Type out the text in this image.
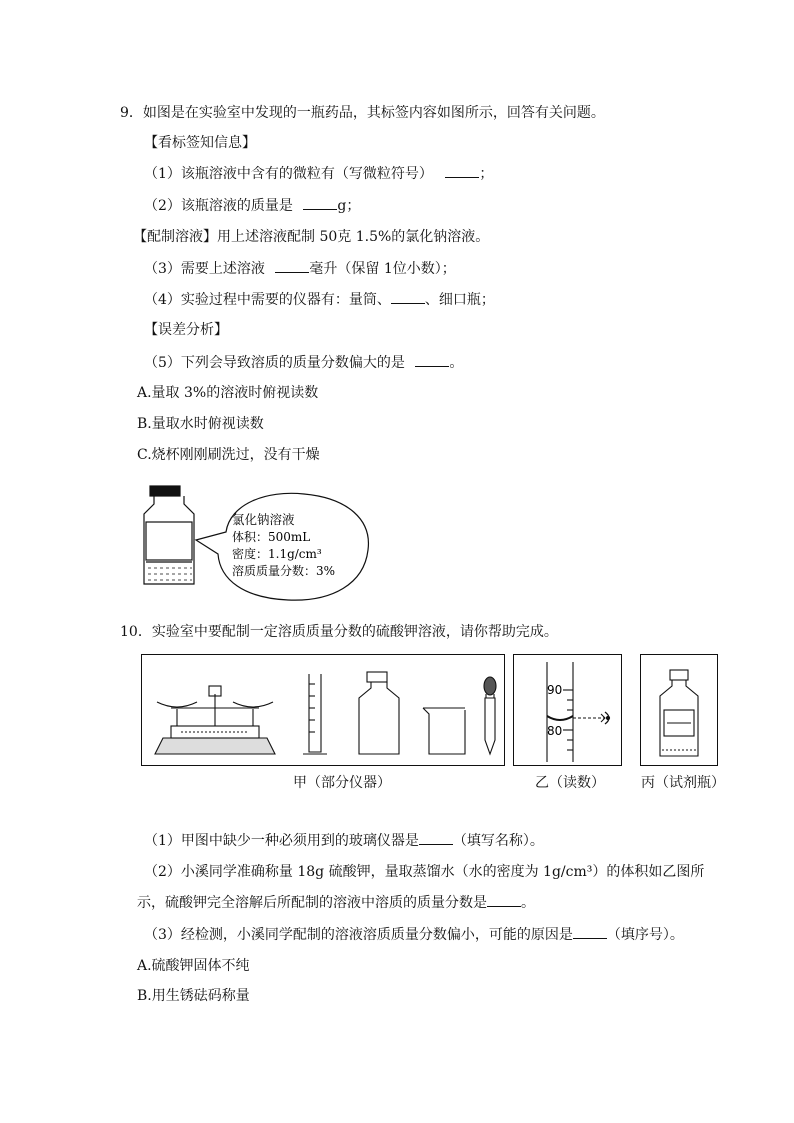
9．如图是在实验室中发现的一瓶药品，其标签内容如图所示，回答有关问题。
【看标签知信息】
（1）该瓶溶液中含有的微粒有（写微粒符号）	；
（2）该瓶溶液的质量是	g；
【配制溶液】用上述溶液配制 50克 1.5%的氯化钠溶液。
（3）需要上述溶液	毫升（保留 1位小数）；
（4）实验过程中需要的仪器有：量筒、 、细口瓶；
【误差分析】
（5）下列会导致溶质的质量分数偏大的是	。
A.量取 3%的溶液时俯视读数
B.量取水时俯视读数
C.烧杯刚刚刷洗过，没有干燥
氯化钠溶液
体积：500mL
密度：1.1g/cm³
溶质质量分数：3%
10．实验室中要配制一定溶质质量分数的硫酸钾溶液，请你帮助完成。
90
80
甲（部分仪器）	乙（读数）	丙（试剂瓶）
（1）甲图中缺少一种必须用到的玻璃仪器是 （填写名称）。
（2）小溪同学准确称量 18g 硫酸钾，量取蒸馏水（水的密度为 1g/cm³）的体积如乙图所
示，硫酸钾完全溶解后所配制的溶液中溶质的质量分数是 。
（3）经检测，小溪同学配制的溶液溶质质量分数偏小，可能的原因是 （填序号）。
A.硫酸钾固体不纯
B.用生锈砝码称量
